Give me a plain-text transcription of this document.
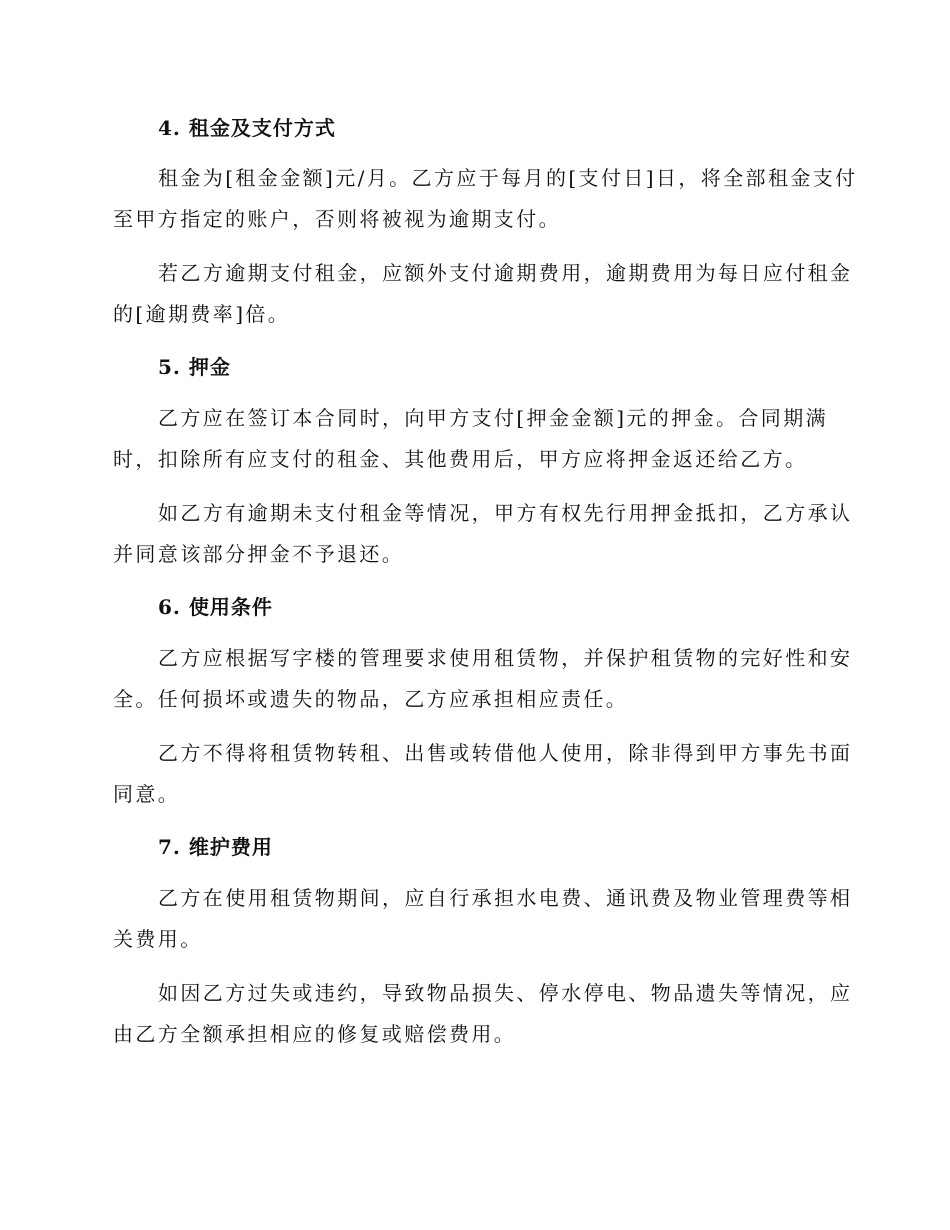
4. 租金及支付方式
租金为[租金金额]元/月。乙方应于每月的[支付日]日，将全部租金支付
至甲方指定的账户，否则将被视为逾期支付。
若乙方逾期支付租金，应额外支付逾期费用，逾期费用为每日应付租金
的[逾期费率]倍。
5. 押金
乙方应在签订本合同时，向甲方支付[押金金额]元的押金。合同期满
时，扣除所有应支付的租金、其他费用后，甲方应将押金返还给乙方。
如乙方有逾期未支付租金等情况，甲方有权先行用押金抵扣，乙方承认
并同意该部分押金不予退还。
6. 使用条件
乙方应根据写字楼的管理要求使用租赁物，并保护租赁物的完好性和安
全。任何损坏或遗失的物品，乙方应承担相应责任。
乙方不得将租赁物转租、出售或转借他人使用，除非得到甲方事先书面
同意。
7. 维护费用
乙方在使用租赁物期间，应自行承担水电费、通讯费及物业管理费等相
关费用。
如因乙方过失或违约，导致物品损失、停水停电、物品遗失等情况，应
由乙方全额承担相应的修复或赔偿费用。
